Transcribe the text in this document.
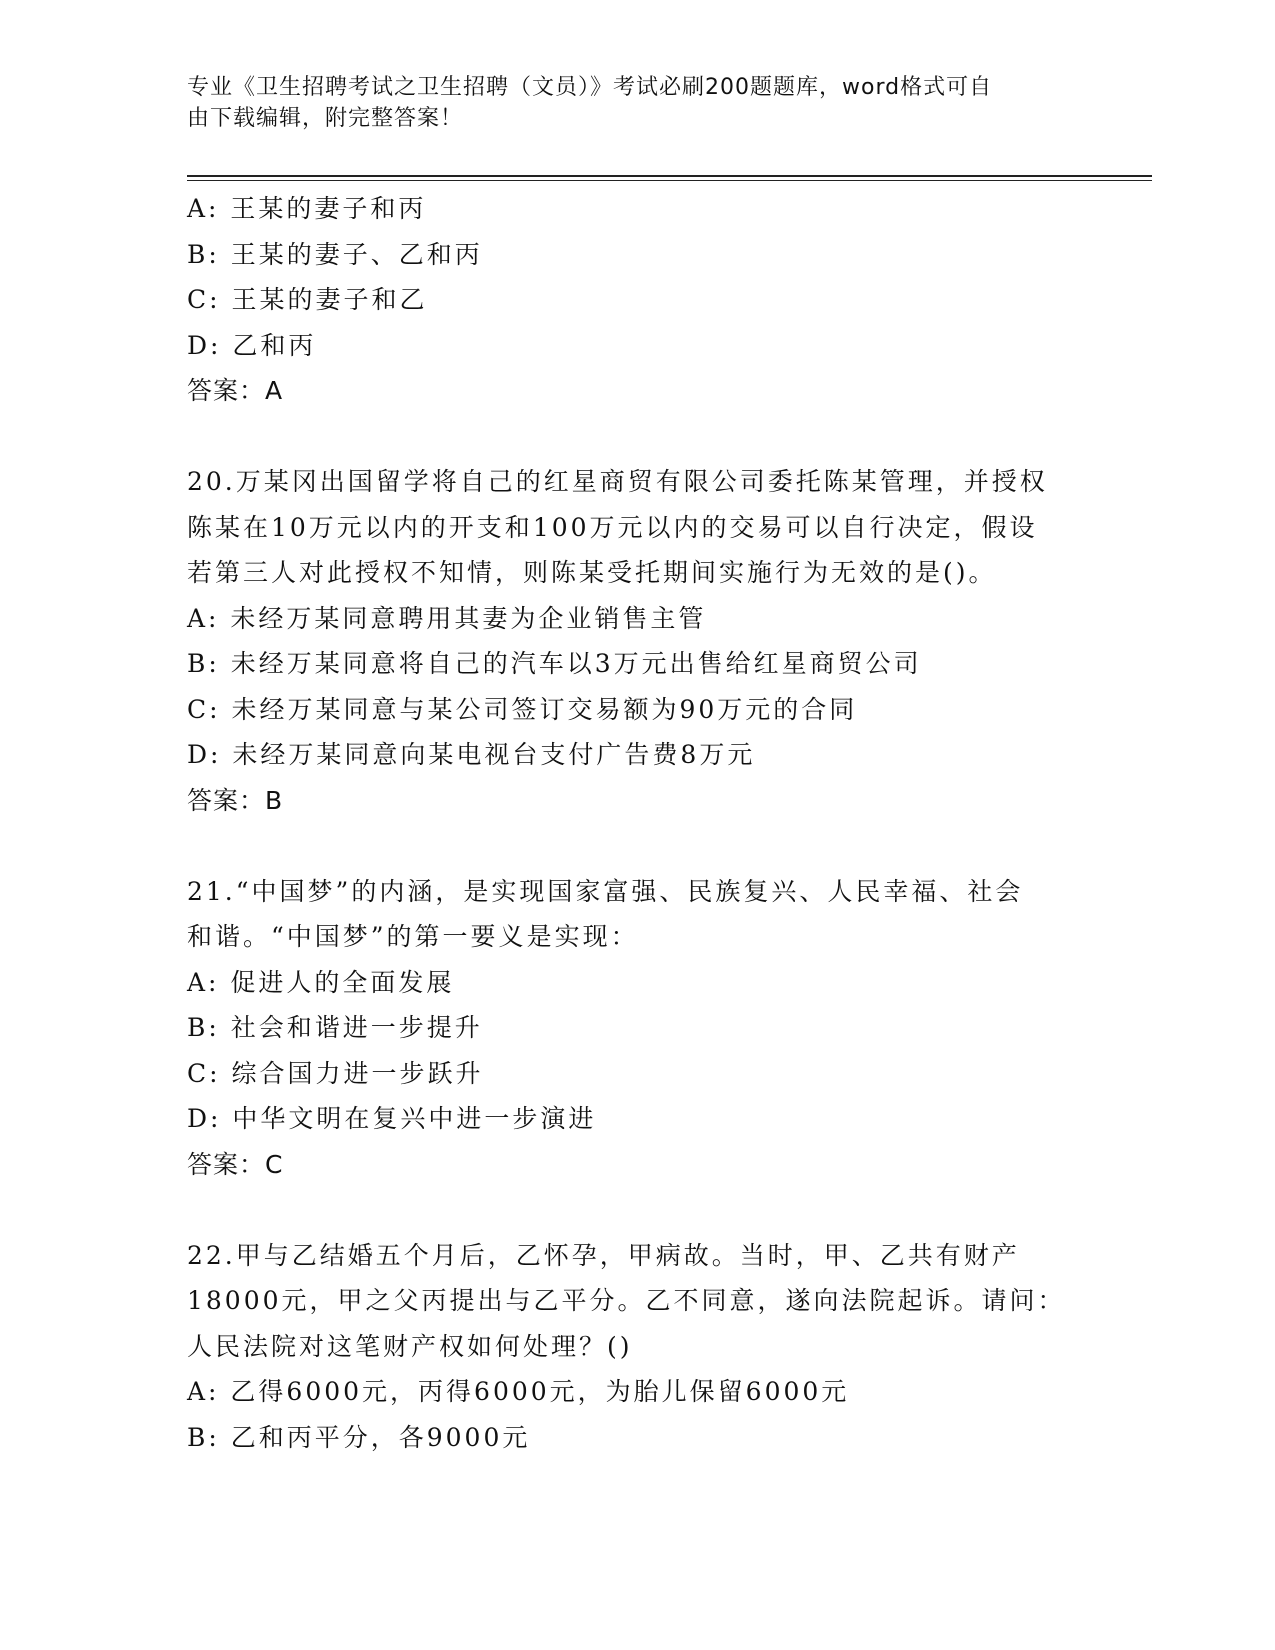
专业《卫生招聘考试之卫生招聘（文员）》考试必刷200题题库，word格式可自
由下载编辑，附完整答案！
A: 王某的妻子和丙
B: 王某的妻子、乙和丙
C: 王某的妻子和乙
D: 乙和丙
答案：A
20.万某冈出国留学将自己的红星商贸有限公司委托陈某管理，并授权
陈某在10万元以内的开支和100万元以内的交易可以自行决定，假设
若第三人对此授权不知情，则陈某受托期间实施行为无效的是()。
A: 未经万某同意聘用其妻为企业销售主管
B: 未经万某同意将自己的汽车以3万元出售给红星商贸公司
C: 未经万某同意与某公司签订交易额为90万元的合同
D: 未经万某同意向某电视台支付广告费8万元
答案：B
21.“中国梦”的内涵，是实现国家富强、民族复兴、人民幸福、社会
和谐。“中国梦”的第一要义是实现：
A: 促进人的全面发展
B: 社会和谐进一步提升
C: 综合国力进一步跃升
D: 中华文明在复兴中进一步演进
答案：C
22.甲与乙结婚五个月后，乙怀孕，甲病故。当时，甲、乙共有财产
18000元，甲之父丙提出与乙平分。乙不同意，遂向法院起诉。请问：
人民法院对这笔财产权如何处理？()
A: 乙得6000元，丙得6000元，为胎儿保留6000元
B: 乙和丙平分，各9000元
